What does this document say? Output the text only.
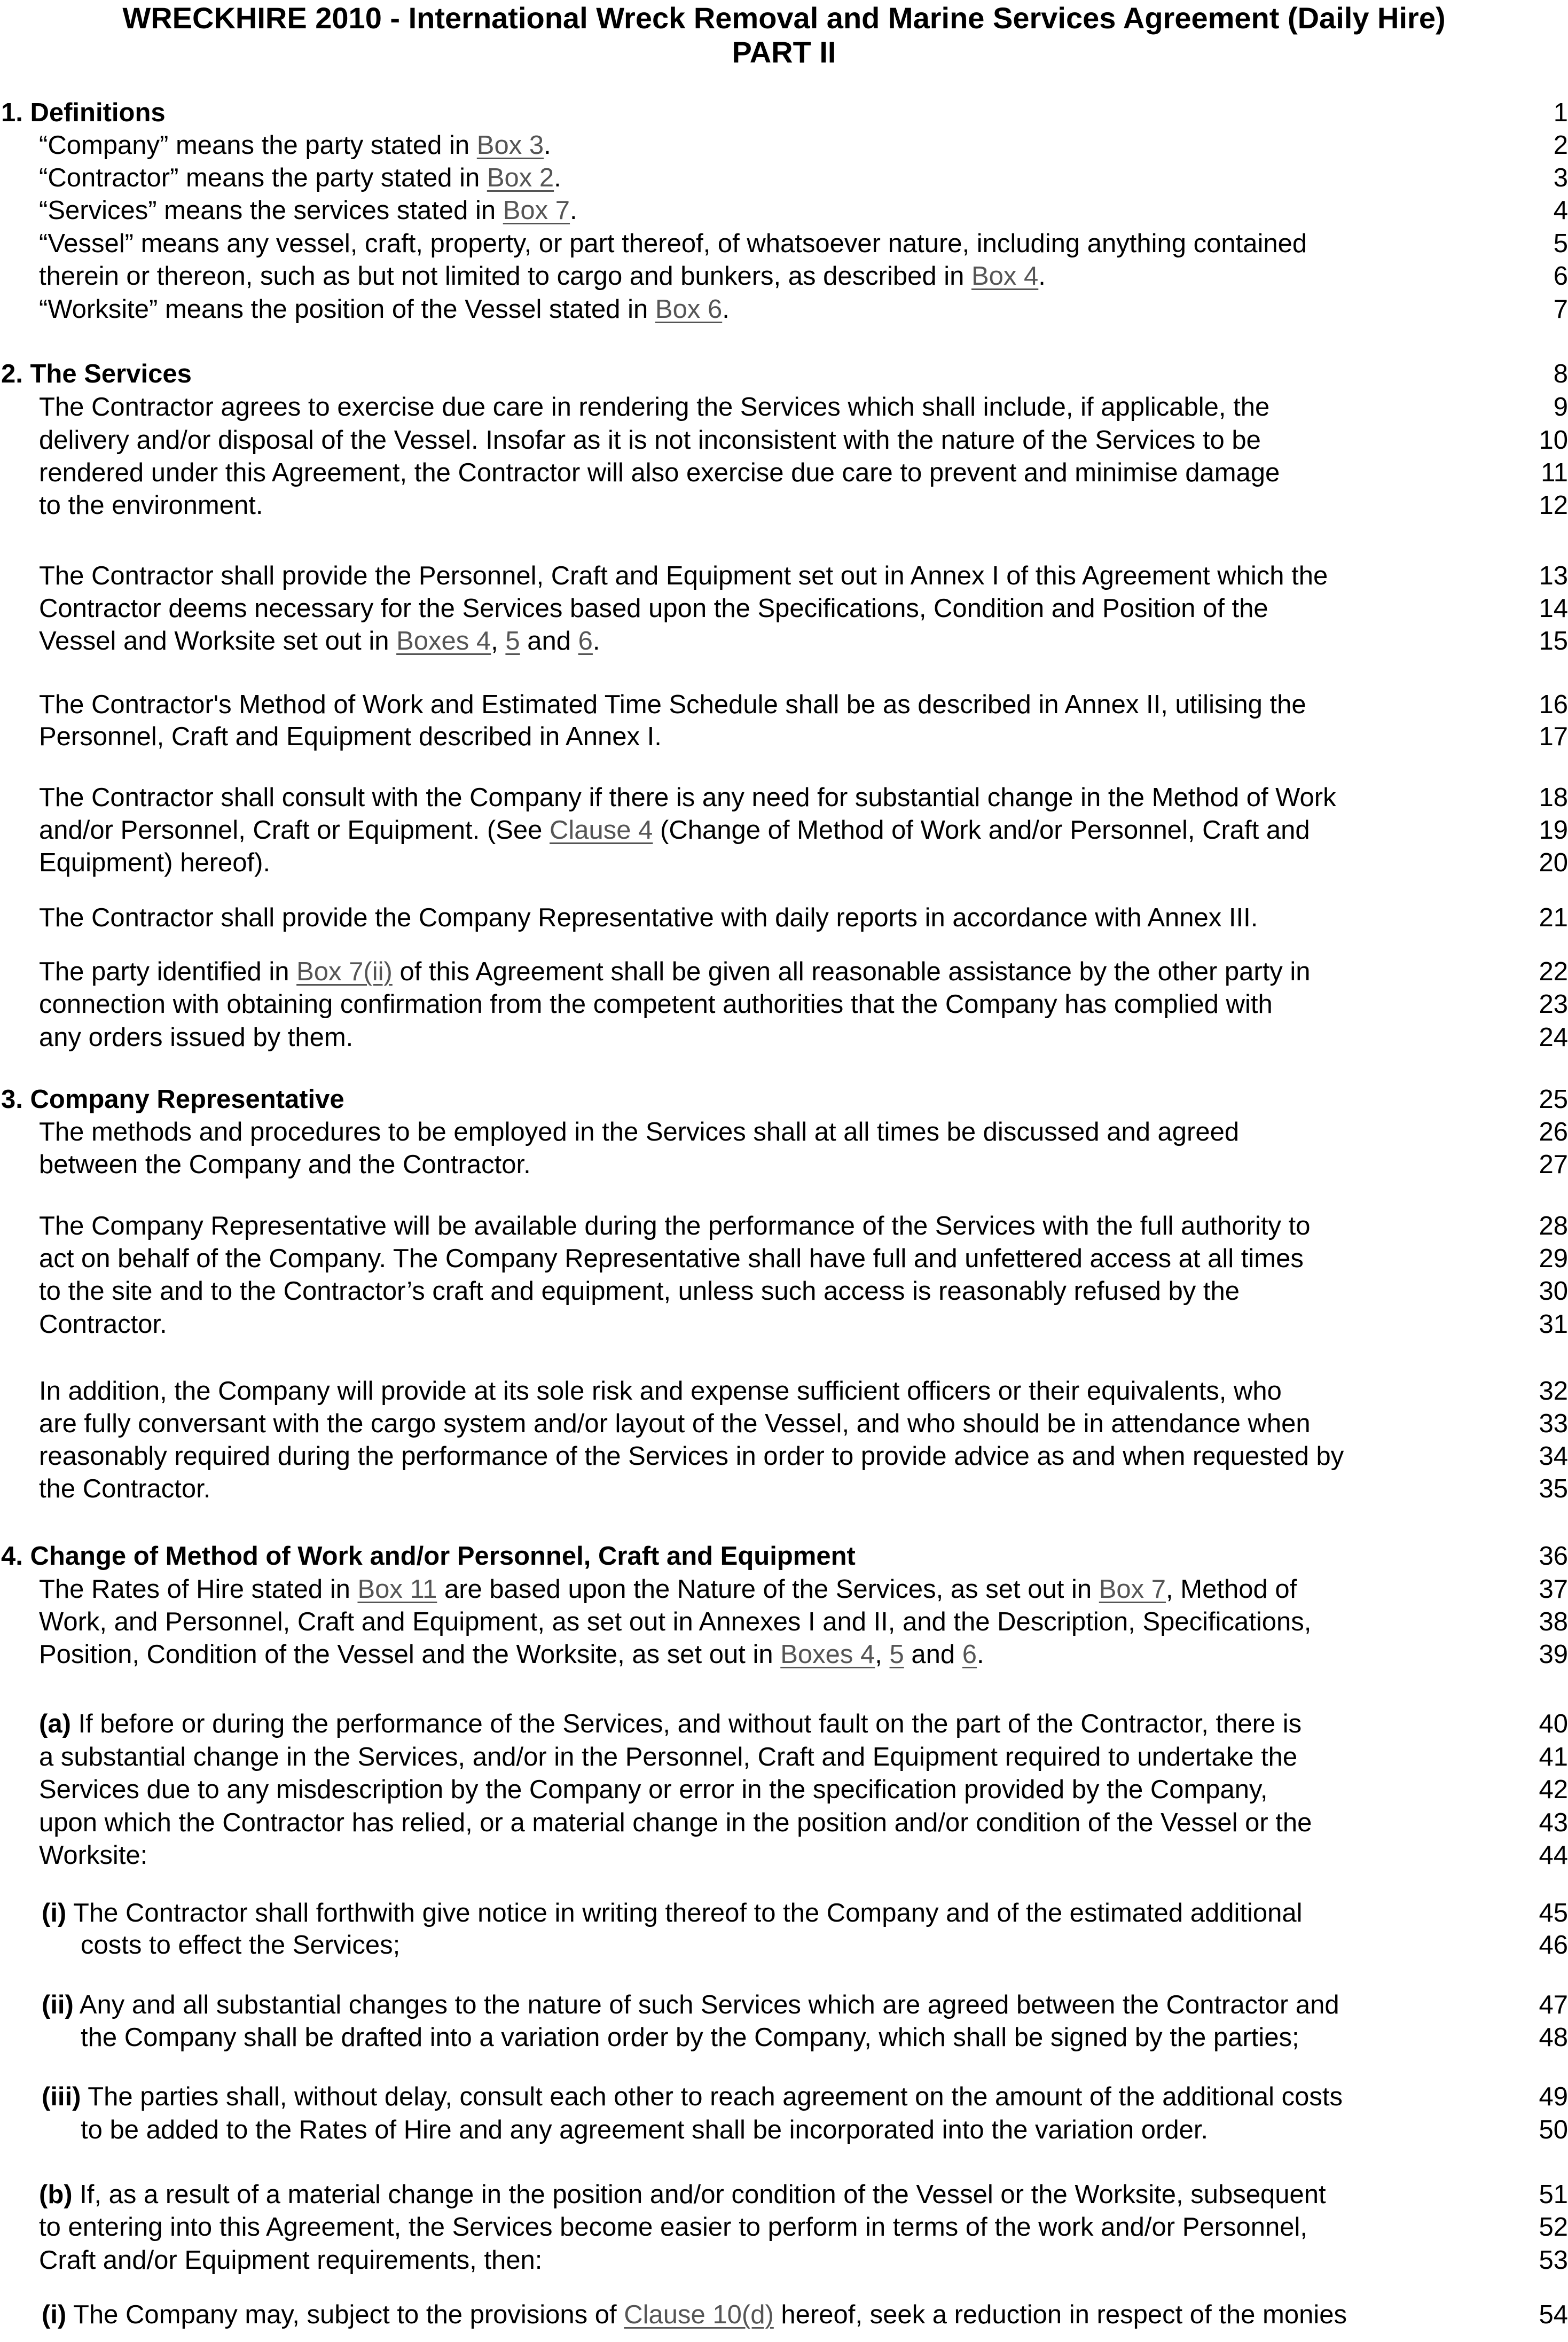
WRECKHIRE 2010 - International Wreck Removal and Marine Services Agreement (Daily Hire)
PART II
1. Definitions	1
“Company” means the party stated in Box 3.	2
“Contractor” means the party stated in Box 2.	3
“Services” means the services stated in Box 7.	4
“Vessel” means any vessel, craft, property, or part thereof, of whatsoever nature, including anything contained	5
therein or thereon, such as but not limited to cargo and bunkers, as described in Box 4.	6
“Worksite” means the position of the Vessel stated in Box 6.	7
2. The Services	8
The Contractor agrees to exercise due care in rendering the Services which shall include, if applicable, the	9
delivery and/or disposal of the Vessel. Insofar as it is not inconsistent with the nature of the Services to be	10
rendered under this Agreement, the Contractor will also exercise due care to prevent and minimise damage	11
to the environment.	12
The Contractor shall provide the Personnel, Craft and Equipment set out in Annex I of this Agreement which the	13
Contractor deems necessary for the Services based upon the Specifications, Condition and Position of the	14
Vessel and Worksite set out in Boxes 4, 5 and 6.	15
The Contractor's Method of Work and Estimated Time Schedule shall be as described in Annex II, utilising the	16
Personnel, Craft and Equipment described in Annex I.	17
The Contractor shall consult with the Company if there is any need for substantial change in the Method of Work	18
and/or Personnel, Craft or Equipment. (See Clause 4 (Change of Method of Work and/or Personnel, Craft and	19
Equipment) hereof).	20
The Contractor shall provide the Company Representative with daily reports in accordance with Annex III.	21
The party identified in Box 7(ii) of this Agreement shall be given all reasonable assistance by the other party in	22
connection with obtaining confirmation from the competent authorities that the Company has complied with	23
any orders issued by them.	24
3. Company Representative	25
The methods and procedures to be employed in the Services shall at all times be discussed and agreed	26
between the Company and the Contractor.	27
The Company Representative will be available during the performance of the Services with the full authority to	28
act on behalf of the Company. The Company Representative shall have full and unfettered access at all times	29
to the site and to the Contractor’s craft and equipment, unless such access is reasonably refused by the	30
Contractor.	31
In addition, the Company will provide at its sole risk and expense sufficient officers or their equivalents, who	32
are fully conversant with the cargo system and/or layout of the Vessel, and who should be in attendance when	33
reasonably required during the performance of the Services in order to provide advice as and when requested by	34
the Contractor.	35
4. Change of Method of Work and/or Personnel, Craft and Equipment	36
The Rates of Hire stated in Box 11 are based upon the Nature of the Services, as set out in Box 7, Method of	37
Work, and Personnel, Craft and Equipment, as set out in Annexes I and II, and the Description, Specifications,	38
Position, Condition of the Vessel and the Worksite, as set out in Boxes 4, 5 and 6.	39
(a) If before or during the performance of the Services, and without fault on the part of the Contractor, there is	40
a substantial change in the Services, and/or in the Personnel, Craft and Equipment required to undertake the	41
Services due to any misdescription by the Company or error in the specification provided by the Company,	42
upon which the Contractor has relied, or a material change in the position and/or condition of the Vessel or the	43
Worksite:	44
(i) The Contractor shall forthwith give notice in writing thereof to the Company and of the estimated additional	45
costs to effect the Services;	46
(ii) Any and all substantial changes to the nature of such Services which are agreed between the Contractor and	47
the Company shall be drafted into a variation order by the Company, which shall be signed by the parties;	48
(iii) The parties shall, without delay, consult each other to reach agreement on the amount of the additional costs	49
to be added to the Rates of Hire and any agreement shall be incorporated into the variation order.	50
(b) If, as a result of a material change in the position and/or condition of the Vessel or the Worksite, subsequent	51
to entering into this Agreement, the Services become easier to perform in terms of the work and/or Personnel,	52
Craft and/or Equipment requirements, then:	53
(i) The Company may, subject to the provisions of Clause 10(d) hereof, seek a reduction in respect of the monies	54
